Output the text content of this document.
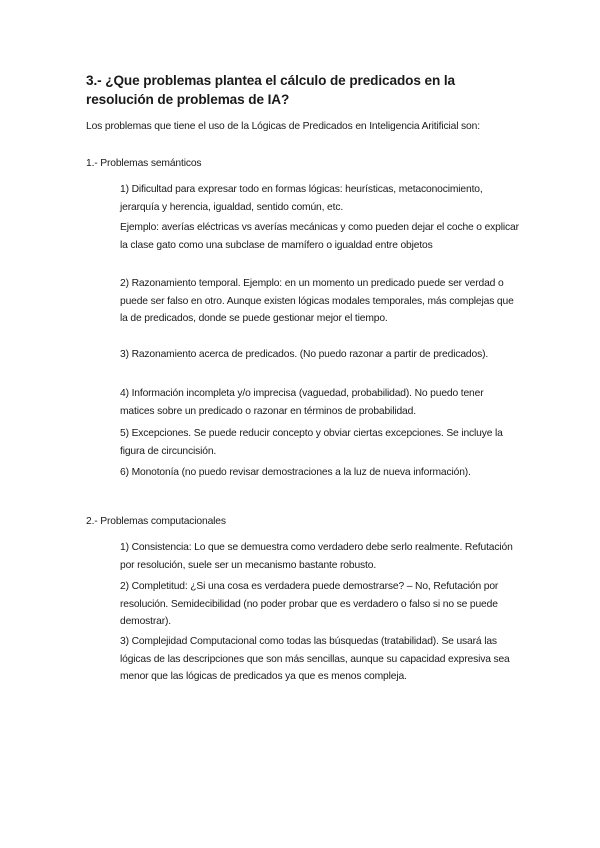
3.- ¿Que problemas plantea el cálculo de predicados en la resolución de problemas de IA?

Los problemas que tiene el uso de la Lógicas de Predicados en Inteligencia Aritificial son:

1.- Problemas semánticos

1) Dificultad para expresar todo en formas lógicas: heurísticas, metaconocimiento, jerarquía y herencia, igualdad, sentido común, etc.

Ejemplo: averías eléctricas vs averías mecánicas y como pueden dejar el coche o explicar la clase gato como una subclase de mamífero o igualdad entre objetos

2) Razonamiento temporal. Ejemplo: en un momento un predicado puede ser verdad o puede ser falso en otro. Aunque existen lógicas modales temporales, más complejas que la de predicados, donde se puede gestionar mejor el tiempo.

3) Razonamiento acerca de predicados. (No puedo razonar a partir de predicados).

4) Información incompleta y/o imprecisa (vaguedad, probabilidad). No puedo tener matices sobre un predicado o razonar en términos de probabilidad.

5) Excepciones. Se puede reducir concepto y obviar ciertas excepciones. Se incluye la figura de circuncisión.

6) Monotonía (no puedo revisar demostraciones a la luz de nueva información).

2.- Problemas computacionales

1) Consistencia: Lo que se demuestra como verdadero debe serlo realmente. Refutación por resolución, suele ser un mecanismo bastante robusto.

2) Completitud: ¿Si una cosa es verdadera puede demostrarse? – No, Refutación por resolución. Semidecibilidad (no poder probar que es verdadero o falso si no se puede demostrar).

3) Complejidad Computacional como todas las búsquedas (tratabilidad). Se usará las lógicas de las descripciones que son más sencillas, aunque su capacidad expresiva sea menor que las lógicas de predicados ya que es menos compleja.
